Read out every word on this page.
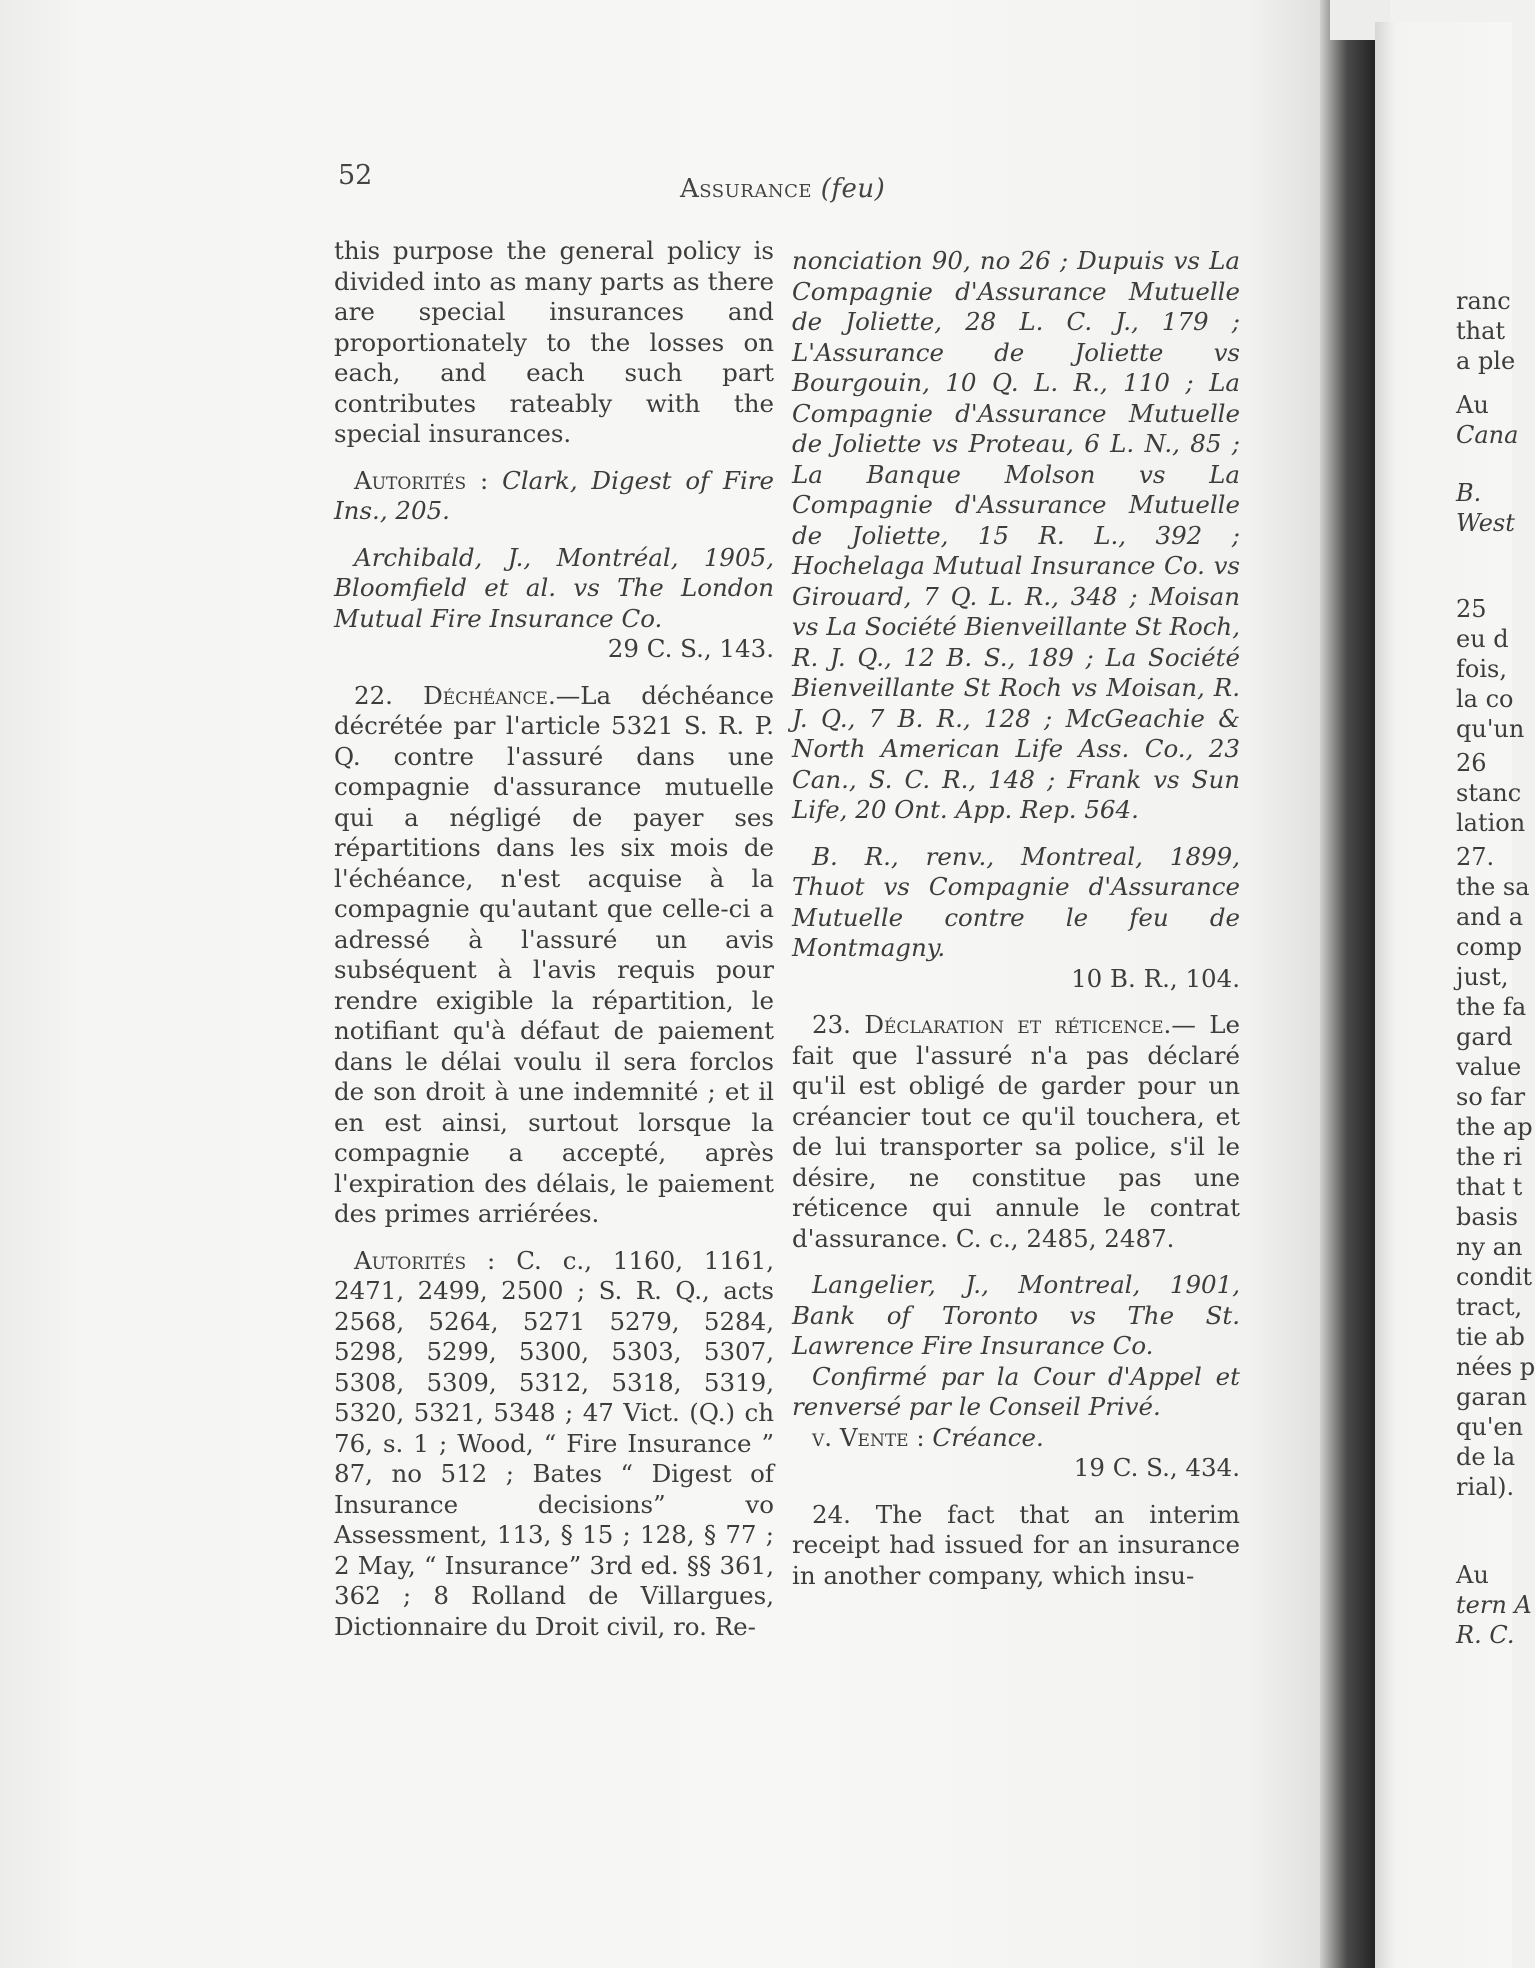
52	Assurance (feu)

this purpose the general policy is divided into as many parts as there are special insurances and proportionately to the losses on each, and each such part contributes rateably with the special insurances.

Autorités : Clark, Digest of Fire Ins., 205.

Archibald, J., Montréal, 1905, Bloomfield et al. vs The London Mutual Fire Insurance Co.

29 C. S., 143.

22. Déchéance.—La déchéance décrétée par l'article 5321 S. R. P. Q. contre l'assuré dans une compagnie d'assurance mutuelle qui a négligé de payer ses répartitions dans les six mois de l'échéance, n'est acquise à la compagnie qu'autant que celle-ci a adressé à l'assuré un avis subséquent à l'avis requis pour rendre exigible la répartition, le notifiant qu'à défaut de paiement dans le délai voulu il sera forclos de son droit à une indemnité ; et il en est ainsi, surtout lorsque la compagnie a accepté, après l'expiration des délais, le paiement des primes arriérées.

Autorités : C. c., 1160, 1161, 2471, 2499, 2500 ; S. R. Q., acts 2568, 5264, 5271 5279, 5284, 5298, 5299, 5300, 5303, 5307, 5308, 5309, 5312, 5318, 5319, 5320, 5321, 5348 ; 47 Vict. (Q.) ch 76, s. 1 ; Wood, “ Fire Insurance ” 87, no 512 ; Bates “ Digest of Insurance decisions” vo Assessment, 113, § 15 ; 128, § 77 ; 2 May, “ Insurance” 3rd ed. §§ 361, 362 ; 8 Rolland de Villargues, Dictionnaire du Droit civil, ro. Re-

nonciation 90, no 26 ; Dupuis vs La Compagnie d'Assurance Mutuelle de Joliette, 28 L. C. J., 179 ; L'Assurance de Joliette vs Bourgouin, 10 Q. L. R., 110 ; La Compagnie d'Assurance Mutuelle de Joliette vs Proteau, 6 L. N., 85 ; La Banque Molson vs La Compagnie d'Assurance Mutuelle de Joliette, 15 R. L., 392 ; Hochelaga Mutual Insurance Co. vs Girouard, 7 Q. L. R., 348 ; Moisan vs La Société Bienveillante St Roch, R. J. Q., 12 B. S., 189 ; La Société Bienveillante St Roch vs Moisan, R. J. Q., 7 B. R., 128 ; McGeachie & North American Life Ass. Co., 23 Can., S. C. R., 148 ; Frank vs Sun Life, 20 Ont. App. Rep. 564.

B. R., renv., Montreal, 1899, Thuot vs Compagnie d'Assurance Mutuelle contre le feu de Montmagny.

10 B. R., 104.

23. Déclaration et réticence.— Le fait que l'assuré n'a pas déclaré qu'il est obligé de garder pour un créancier tout ce qu'il touchera, et de lui transporter sa police, s'il le désire, ne constitue pas une réticence qui annule le contrat d'assurance. C. c., 2485, 2487.

Langelier, J., Montreal, 1901, Bank of Toronto vs The St. Lawrence Fire Insurance Co.

Confirmé par la Cour d'Appel et renversé par le Conseil Privé.

v. Vente : Créance.

19 C. S., 434.

24. The fact that an interim receipt had issued for an insurance in another company, which insu-

ranc
that
a ple
Au
Cana
B.
West
25
eu d
fois,
la co
qu'un
26
stanc
lation
27.
the sa
and a
comp
just,
the fa
gard
value
so far
the ap
the ri
that t
basis
ny an
condit
tract,
tie ab
nées p
garan
qu'en
de la
rial).
Au
tern A
R. C.
